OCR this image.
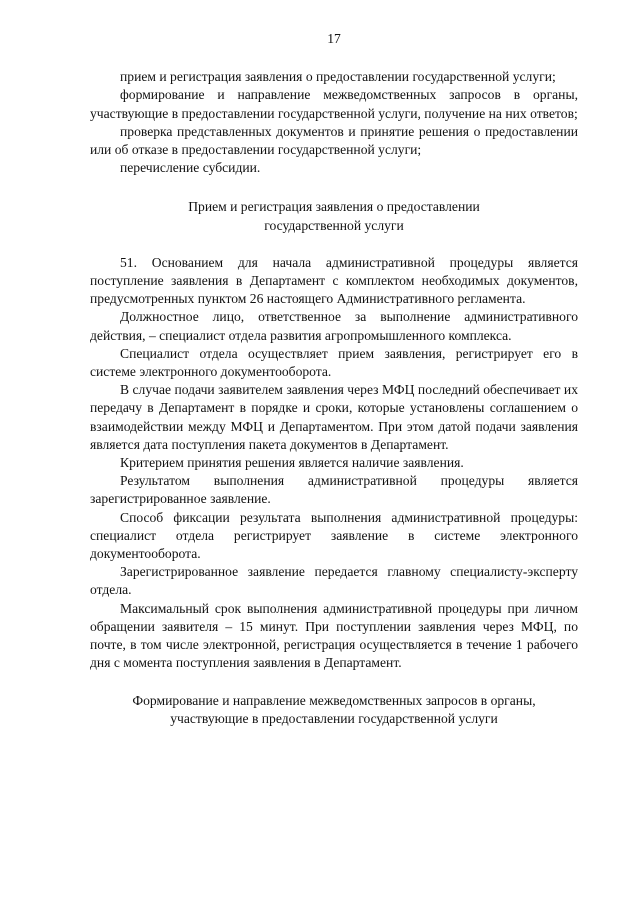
17

прием и регистрация заявления о предоставлении государственной услуги;

формирование и направление межведомственных запросов в органы, участвующие в предоставлении государственной услуги, получение на них ответов;

проверка представленных документов и принятие решения о предоставлении или об отказе в предоставлении государственной услуги;

перечисление субсидии.

Прием и регистрация заявления о предоставлении
государственной услуги

51. Основанием для начала административной процедуры является поступление заявления в Департамент с комплектом необходимых документов, предусмотренных пунктом 26 настоящего Административного регламента.

Должностное лицо, ответственное за выполнение административного действия, – специалист отдела развития агропромышленного комплекса.

Специалист отдела осуществляет прием заявления, регистрирует его в системе электронного документооборота.

В случае подачи заявителем заявления через МФЦ последний обеспечивает их передачу в Департамент в порядке и сроки, которые установлены соглашением о взаимодействии между МФЦ и Департаментом. При этом датой подачи заявления является дата поступления пакета документов в Департамент.

Критерием принятия решения является наличие заявления.

Результатом выполнения административной процедуры является зарегистрированное заявление.

Способ фиксации результата выполнения административной процедуры: специалист отдела регистрирует заявление в системе электронного документооборота.

Зарегистрированное заявление передается главному специалисту-эксперту отдела.

Максимальный срок выполнения административной процедуры при личном обращении заявителя – 15 минут. При поступлении заявления через МФЦ, по почте, в том числе электронной, регистрация осуществляется в течение 1 рабочего дня с момента поступления заявления в Департамент.

Формирование и направление межведомственных запросов в органы,
участвующие в предоставлении государственной услуги
